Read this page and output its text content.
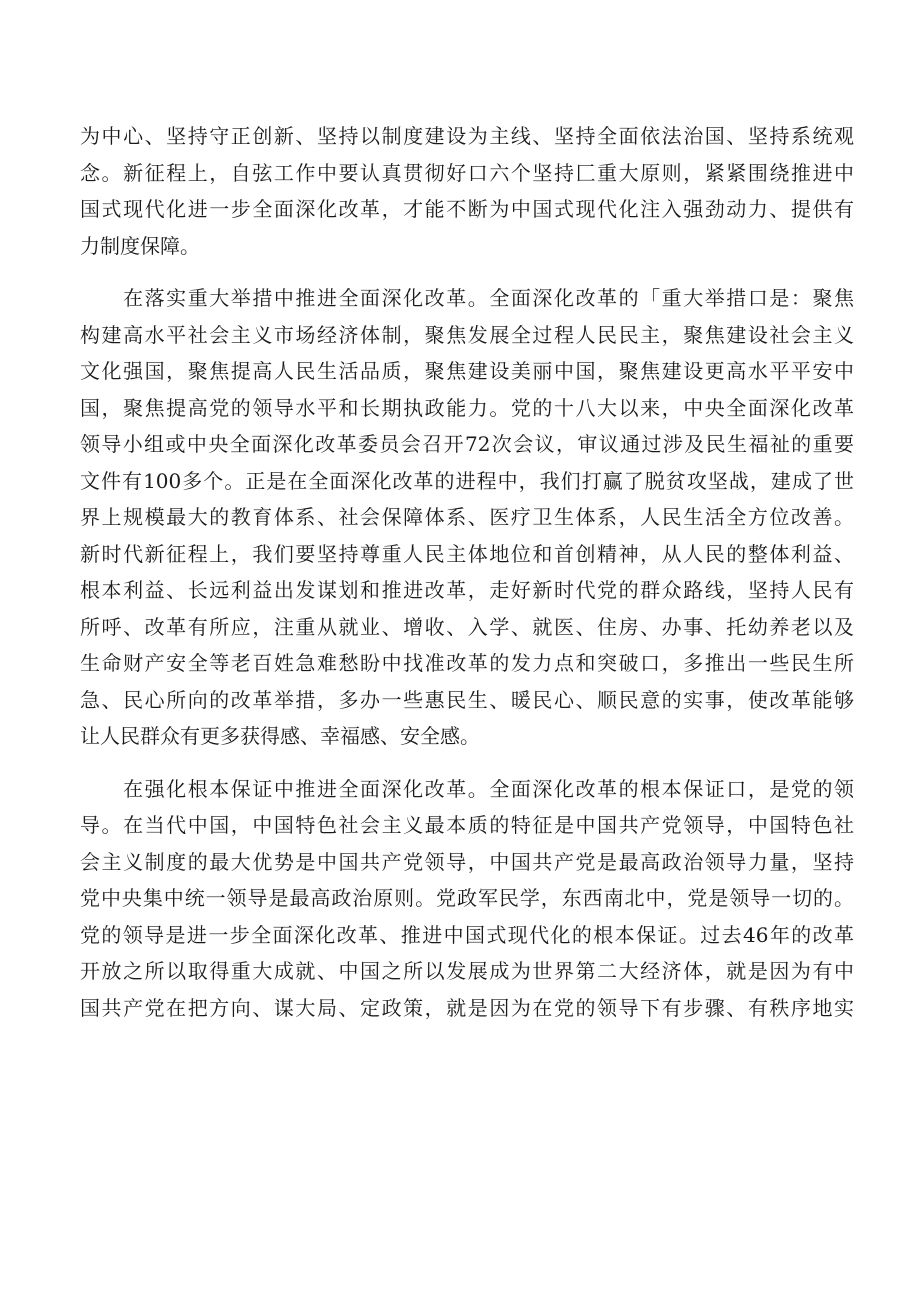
为中心、坚持守正创新、坚持以制度建设为主线、坚持全面依法治国、坚持系统观
念。新征程上，自弦工作中要认真贯彻好口六个坚持匚重大原则，紧紧围绕推进中
国式现代化进一步全面深化改革，才能不断为中国式现代化注入强劲动力、提供有
力制度保障。
　　在落实重大举措中推进全面深化改革。全面深化改革的「重大举措口是：聚焦
构建高水平社会主义市场经济体制，聚焦发展全过程人民民主，聚焦建设社会主义
文化强国，聚焦提高人民生活品质，聚焦建设美丽中国，聚焦建设更高水平平安中
国，聚焦提高党的领导水平和长期执政能力。党的十八大以来，中央全面深化改革
领导小组或中央全面深化改革委员会召开72次会议，审议通过涉及民生福祉的重要
文件有100多个。正是在全面深化改革的进程中，我们打赢了脱贫攻坚战，建成了世
界上规模最大的教育体系、社会保障体系、医疗卫生体系，人民生活全方位改善。
新时代新征程上，我们要坚持尊重人民主体地位和首创精神，从人民的整体利益、
根本利益、长远利益出发谋划和推进改革，走好新时代党的群众路线，坚持人民有
所呼、改革有所应，注重从就业、增收、入学、就医、住房、办事、托幼养老以及
生命财产安全等老百姓急难愁盼中找准改革的发力点和突破口，多推出一些民生所
急、民心所向的改革举措，多办一些惠民生、暖民心、顺民意的实事，使改革能够
让人民群众有更多获得感、幸福感、安全感。
　　在强化根本保证中推进全面深化改革。全面深化改革的根本保证口，是党的领
导。在当代中国，中国特色社会主义最本质的特征是中国共产党领导，中国特色社
会主义制度的最大优势是中国共产党领导，中国共产党是最高政治领导力量，坚持
党中央集中统一领导是最高政治原则。党政军民学，东西南北中，党是领导一切的。
党的领导是进一步全面深化改革、推进中国式现代化的根本保证。过去46年的改革
开放之所以取得重大成就、中国之所以发展成为世界第二大经济体，就是因为有中
国共产党在把方向、谋大局、定政策，就是因为在党的领导下有步骤、有秩序地实
